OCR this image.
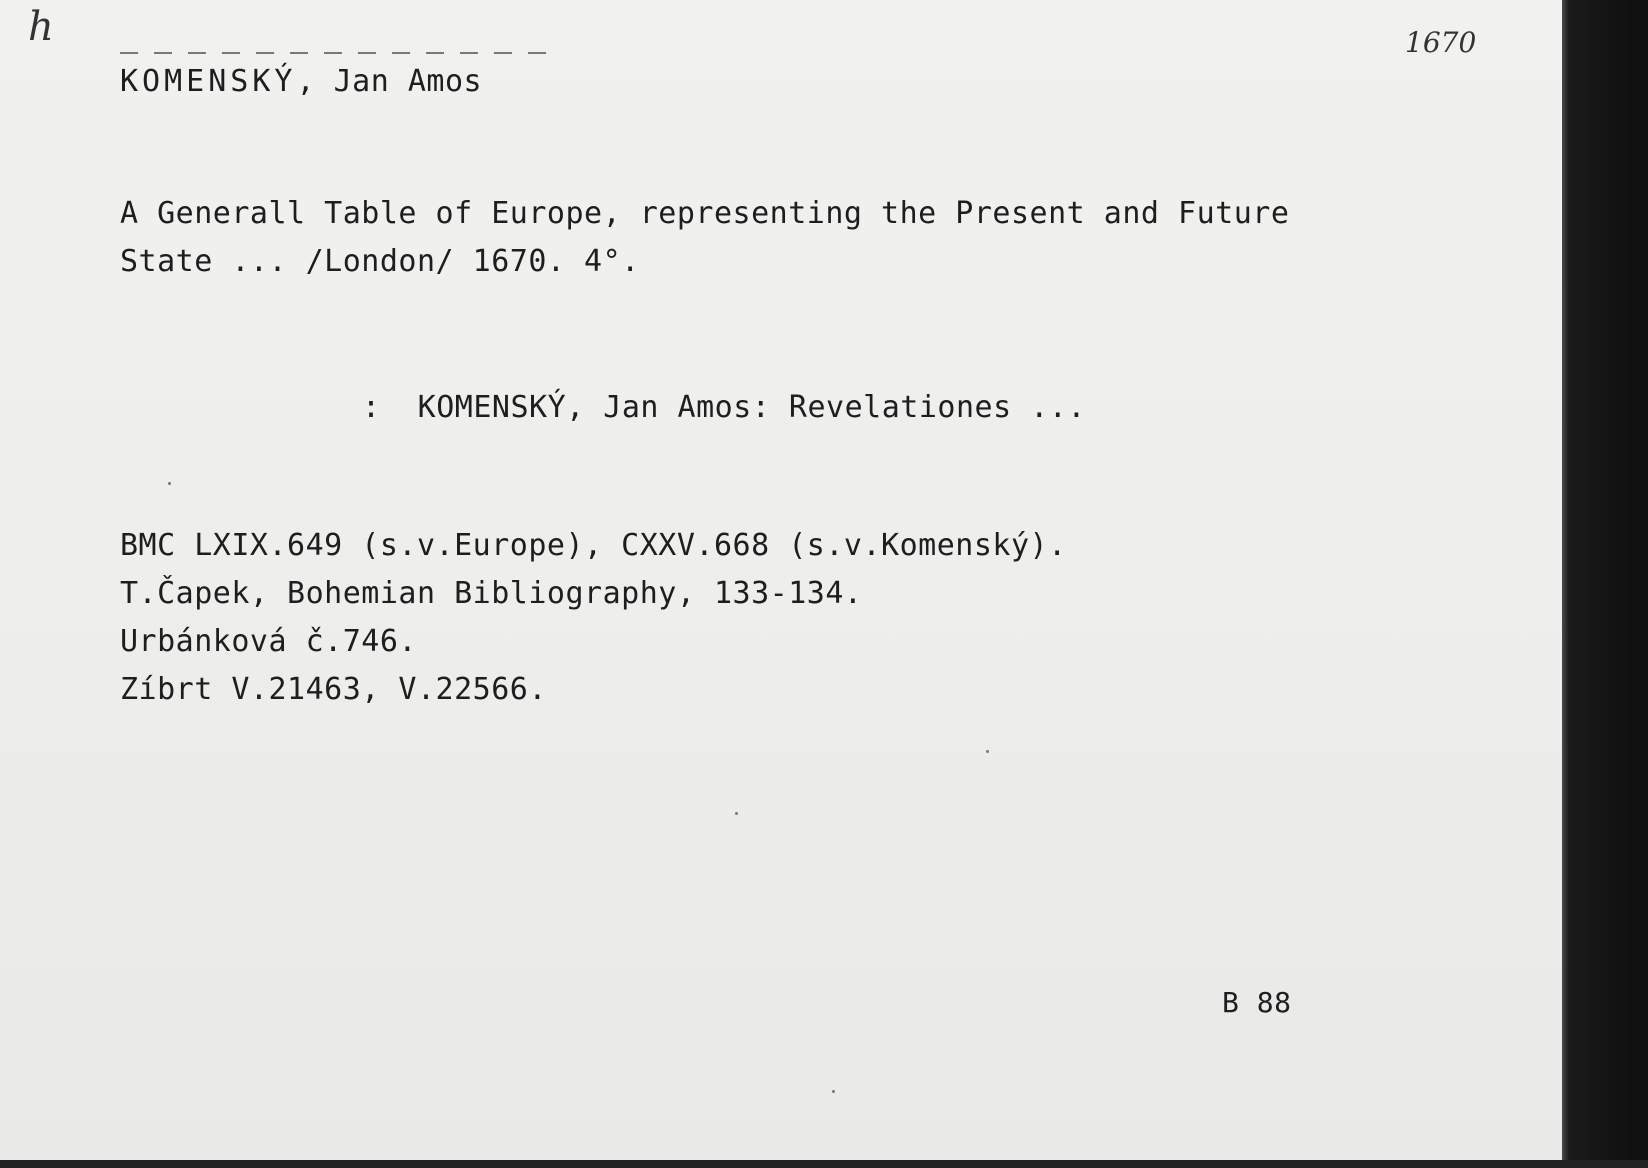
h	1670

KOMENSKÝ, Jan Amos

A Generall Table of Europe, representing the Present and Future

State ... /London/ 1670. 4°.

:  KOMENSKÝ, Jan Amos: Revelationes ...

BMC LXIX.649 (s.v.Europe), CXXV.668 (s.v.Komenský).

T.Čapek, Bohemian Bibliography, 133-134.

Urbánková č.746.

Zíbrt V.21463, V.22566.

B 88
